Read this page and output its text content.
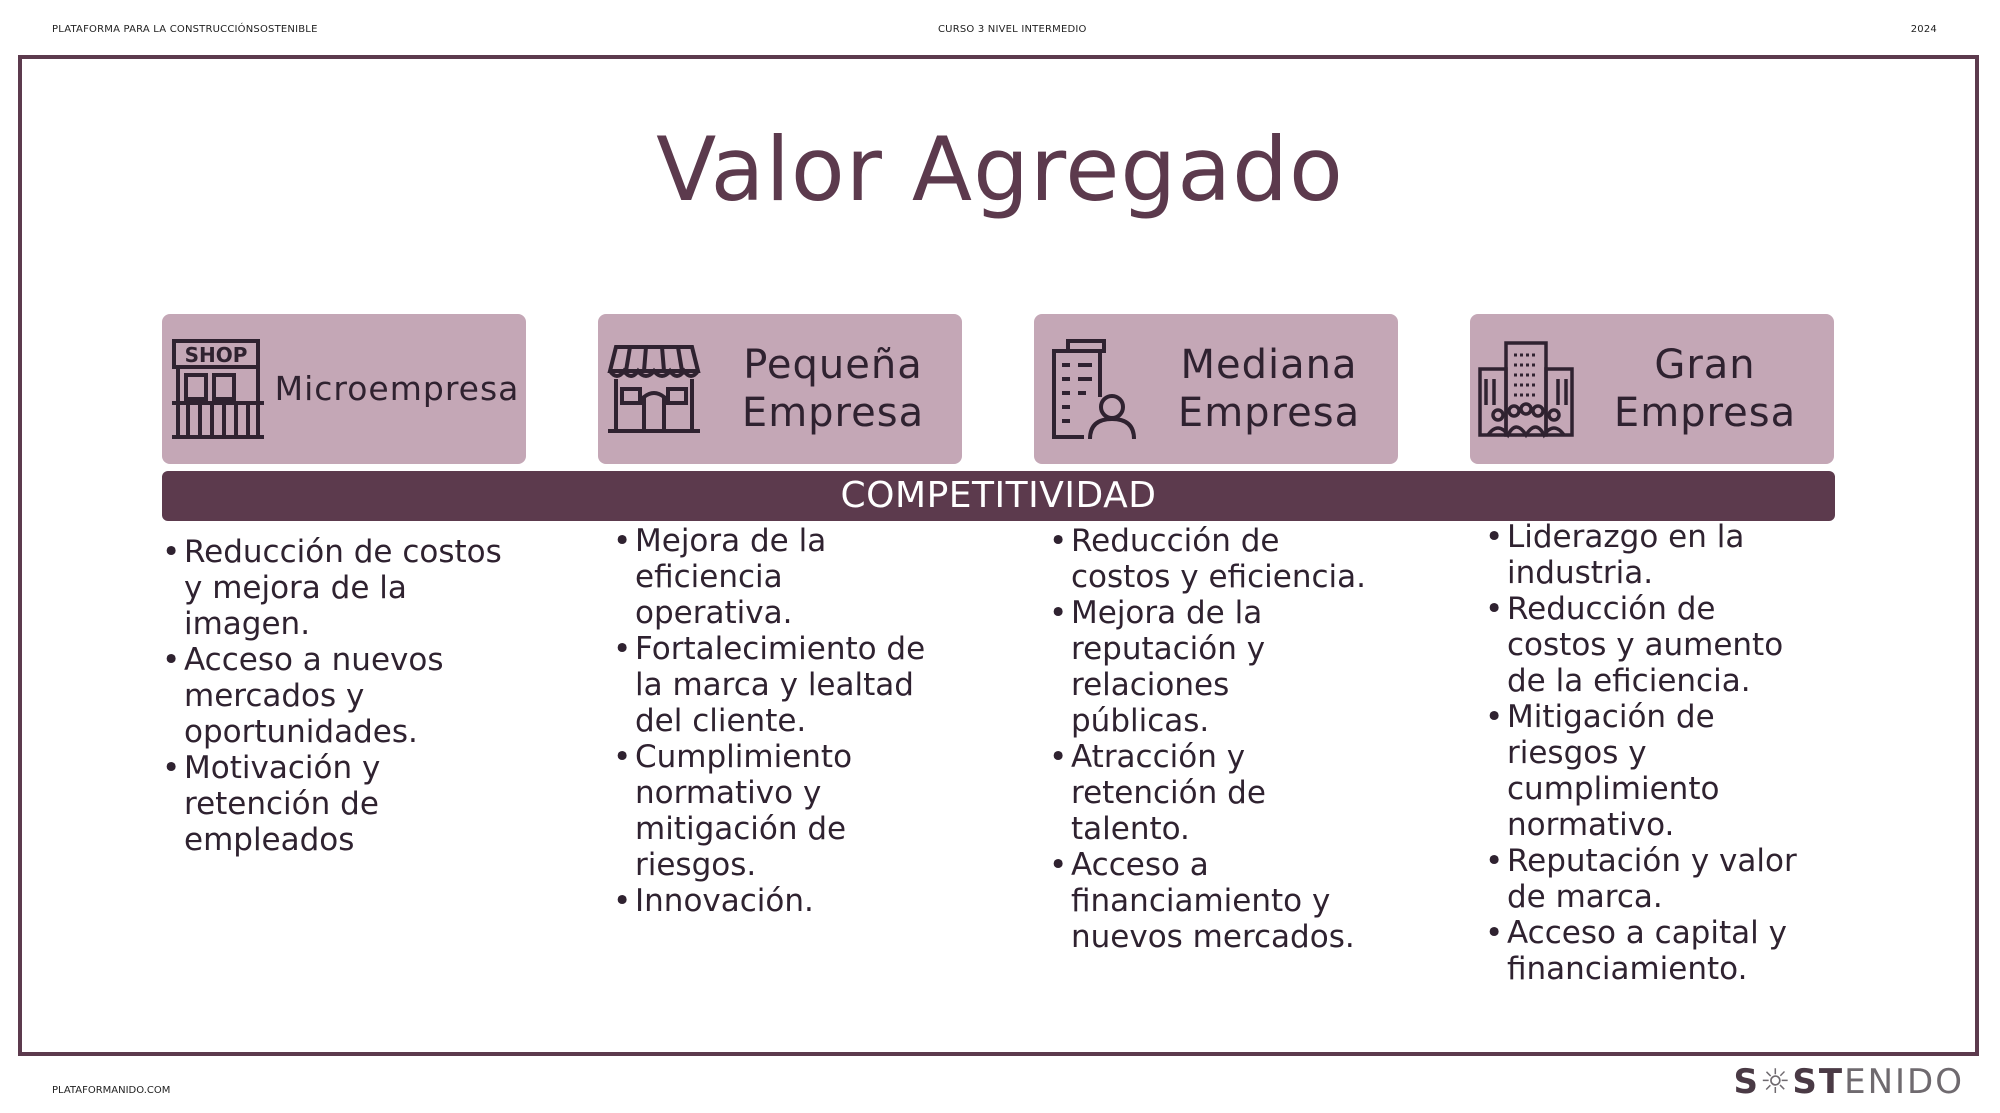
PLATAFORMA PARA LA CONSTRUCCIÓNSOSTENIBLE	CURSO 3 NIVEL INTERMEDIO	2024
Valor Agregado
SHOP
Microempresa
Pequeña
Empresa
Mediana
Empresa
Gran
Empresa
COMPETITIVIDAD
• Reducción de costos
y mejora de la
imagen.
• Acceso a nuevos
mercados y
oportunidades.
• Motivación y
retención de
empleados
• Mejora de la
eficiencia
operativa.
• Fortalecimiento de
la marca y lealtad
del cliente.
• Cumplimiento
normativo y
mitigación de
riesgos.
• Innovación.
• Reducción de
costos y eficiencia.
• Mejora de la
reputación y
relaciones
públicas.
• Atracción y
retención de
talento.
• Acceso a
financiamiento y
nuevos mercados.
• Liderazgo en la
industria.
• Reducción de
costos y aumento
de la eficiencia.
• Mitigación de
riesgos y
cumplimiento
normativo.
• Reputación y valor
de marca.
• Acceso a capital y
financiamiento.
PLATAFORMANIDO.COM	S☼STENIDO
